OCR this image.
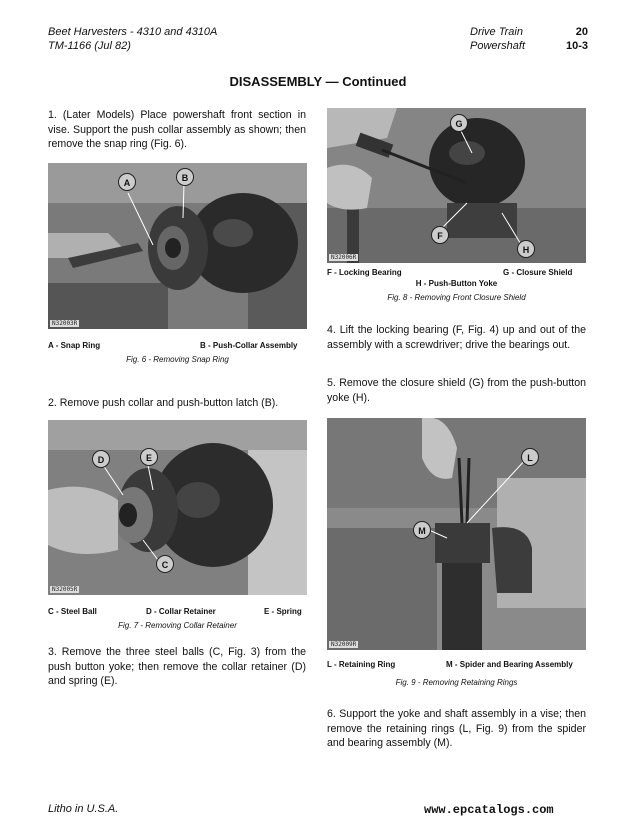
Beet Harvesters - 4310 and 4310A
TM-1166 (Jul 82)
Drive Train	20
Powershaft	10-3
DISASSEMBLY — Continued
1. (Later Models) Place powershaft front section in vise. Support the push collar assembly as shown; then remove the snap ring (Fig. 6).
A	B
N32003R
A - Snap Ring	B - Push-Collar Assembly
Fig. 6 - Removing Snap Ring
2. Remove push collar and push-button latch (B).
D	E
C
N32005R
C - Steel Ball	D - Collar Retainer	E - Spring
Fig. 7 - Removing Collar Retainer
3. Remove the three steel balls (C, Fig. 3) from the push button yoke; then remove the collar retainer (D) and spring (E).
G
F
H
N32006R
F - Locking Bearing	G - Closure Shield
H - Push-Button Yoke
Fig. 8 - Removing Front Closure Shield
4. Lift the locking bearing (F, Fig. 4) up and out of the assembly with a screwdriver; drive the bearings out.
5. Remove the closure shield (G) from the push-button yoke (H).
M
L
N32009R
L - Retaining Ring	M - Spider and Bearing Assembly
Fig. 9 - Removing Retaining Rings
6. Support the yoke and shaft assembly in a vise; then remove the retaining rings (L, Fig. 9) from the spider and bearing assembly (M).
Litho in U.S.A.	www.epcatalogs.com
